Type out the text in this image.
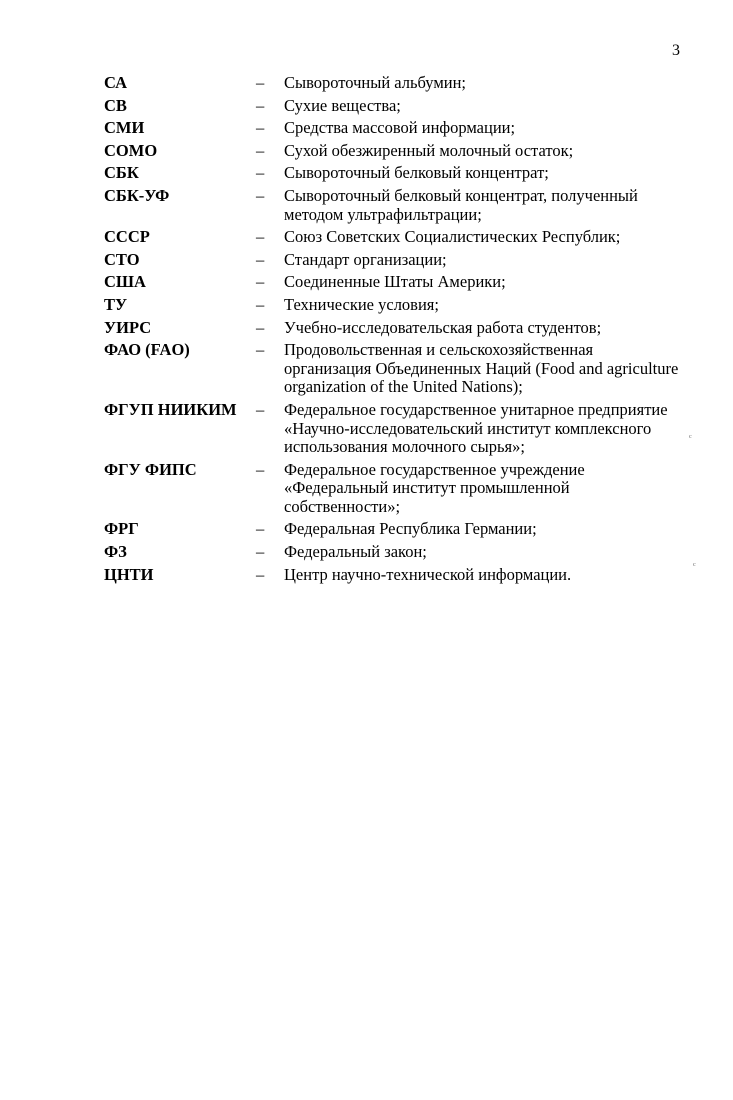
3
СА	– Сывороточный альбумин;
СВ	– Сухие вещества;
СМИ	– Средства массовой информации;
СОМО	– Сухой обезжиренный молочный остаток;
СБК	– Сывороточный белковый концентрат;
СБК-УФ	– Сывороточный белковый концентрат, полученный методом ультрафильтрации;
СССР	– Союз Советских Социалистических Республик;
СТО	– Стандарт организации;
США	– Соединенные Штаты Америки;
ТУ	– Технические условия;
УИРС	– Учебно-исследовательская работа студентов;
ФАО (FAO)	– Продовольственная и сельскохозяйственная организация Объединенных Наций (Food and agriculture organization of the United Nations);
ФГУП НИИКИМ – Федеральное государственное унитарное предприятие «Научно-исследовательский институт комплексного использования молочного сырья»;
ФГУ ФИПС	– Федеральное государственное учреждение «Федеральный институт промышленной собственности»;
ФРГ	– Федеральная Республика Германии;
ФЗ	– Федеральный закон;
ЦНТИ	– Центр научно-технической информации.
ᶜ
ᶜ
